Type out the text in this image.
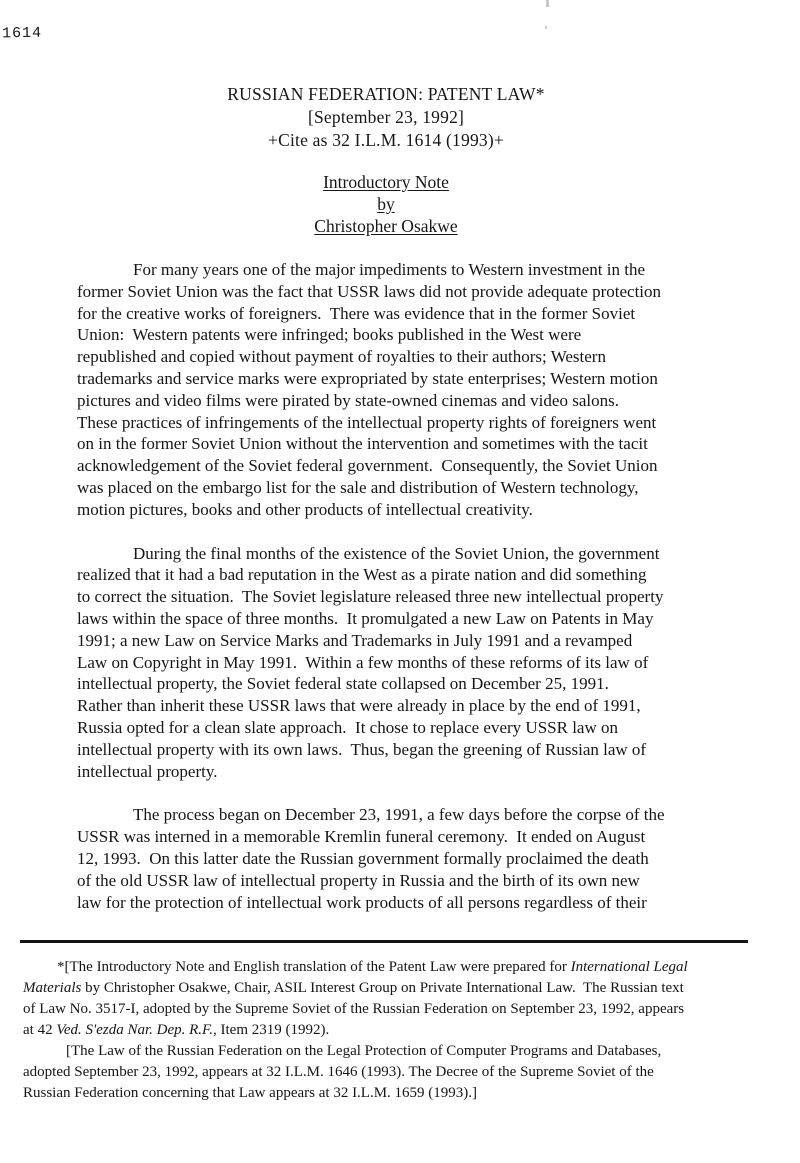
1614
RUSSIAN FEDERATION: PATENT LAW*
[September 23, 1992]
+Cite as 32 I.L.M. 1614 (1993)+
Introductory Note
by
Christopher Osakwe
For many years one of the major impediments to Western investment in the
former Soviet Union was the fact that USSR laws did not provide adequate protection
for the creative works of foreigners.  There was evidence that in the former Soviet
Union:  Western patents were infringed; books published in the West were
republished and copied without payment of royalties to their authors; Western
trademarks and service marks were expropriated by state enterprises; Western motion
pictures and video films were pirated by state-owned cinemas and video salons.
These practices of infringements of the intellectual property rights of foreigners went
on in the former Soviet Union without the intervention and sometimes with the tacit
acknowledgement of the Soviet federal government.  Consequently, the Soviet Union
was placed on the embargo list for the sale and distribution of Western technology,
motion pictures, books and other products of intellectual creativity.
During the final months of the existence of the Soviet Union, the government
realized that it had a bad reputation in the West as a pirate nation and did something
to correct the situation.  The Soviet legislature released three new intellectual property
laws within the space of three months.  It promulgated a new Law on Patents in May
1991; a new Law on Service Marks and Trademarks in July 1991 and a revamped
Law on Copyright in May 1991.  Within a few months of these reforms of its law of
intellectual property, the Soviet federal state collapsed on December 25, 1991.
Rather than inherit these USSR laws that were already in place by the end of 1991,
Russia opted for a clean slate approach.  It chose to replace every USSR law on
intellectual property with its own laws.  Thus, began the greening of Russian law of
intellectual property.
The process began on December 23, 1991, a few days before the corpse of the
USSR was interned in a memorable Kremlin funeral ceremony.  It ended on August
12, 1993.  On this latter date the Russian government formally proclaimed the death
of the old USSR law of intellectual property in Russia and the birth of its own new
law for the protection of intellectual work products of all persons regardless of their
*[The Introductory Note and English translation of the Patent Law were prepared for International Legal
Materials by Christopher Osakwe, Chair, ASIL Interest Group on Private International Law.  The Russian text
of Law No. 3517-I, adopted by the Supreme Soviet of the Russian Federation on September 23, 1992, appears
at 42 Ved. S'ezda Nar. Dep. R.F., Item 2319 (1992).
[The Law of the Russian Federation on the Legal Protection of Computer Programs and Databases,
adopted September 23, 1992, appears at 32 I.L.M. 1646 (1993). The Decree of the Supreme Soviet of the
Russian Federation concerning that Law appears at 32 I.L.M. 1659 (1993).]
